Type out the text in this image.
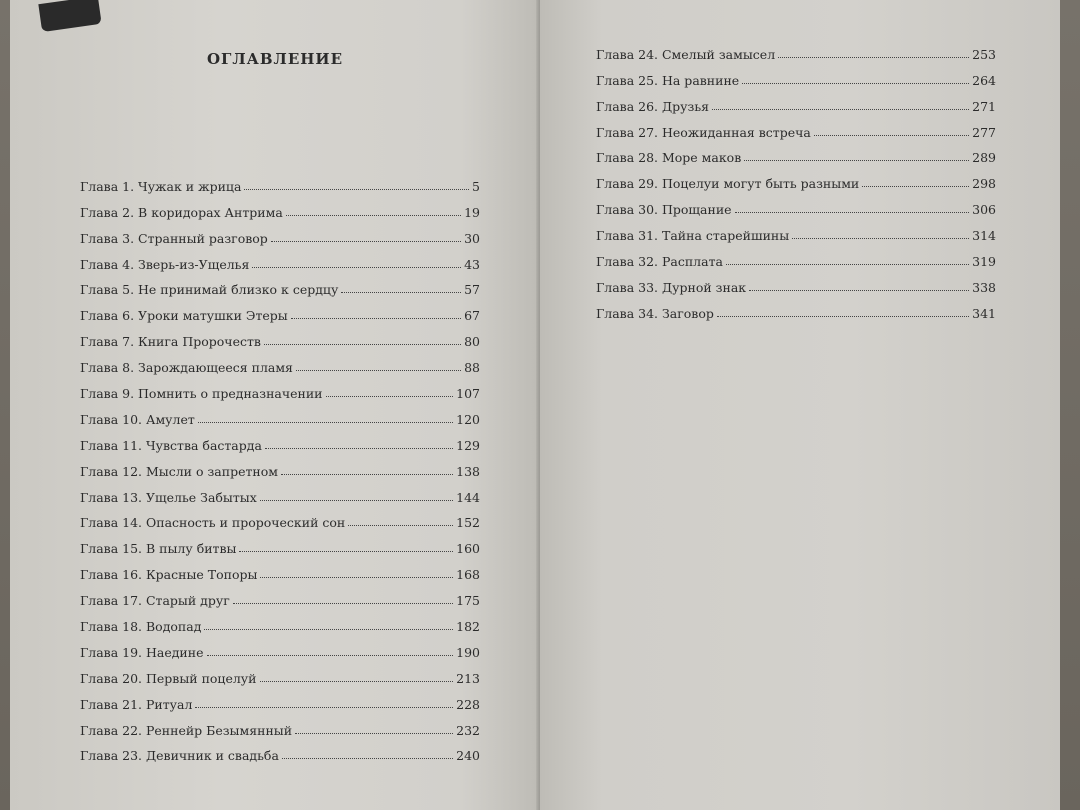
ОГЛАВЛЕНИЕ
Глава 1. Чужак и жрица	5
Глава 2. В коридорах Антрима	19
Глава 3. Странный разговор	30
Глава 4. Зверь-из-Ущелья	43
Глава 5. Не принимай близко к сердцу	57
Глава 6. Уроки матушки Этеры	67
Глава 7. Книга Пророчеств	80
Глава 8. Зарождающееся пламя	88
Глава 9. Помнить о предназначении	107
Глава 10. Амулет	120
Глава 11. Чувства бастарда	129
Глава 12. Мысли о запретном	138
Глава 13. Ущелье Забытых	144
Глава 14. Опасность и пророческий сон	152
Глава 15. В пылу битвы	160
Глава 16. Красные Топоры	168
Глава 17. Старый друг	175
Глава 18. Водопад	182
Глава 19. Наедине	190
Глава 20. Первый поцелуй	213
Глава 21. Ритуал	228
Глава 22. Реннейр Безымянный	232
Глава 23. Девичник и свадьба	240
Глава 24. Смелый замысел	253
Глава 25. На равнине	264
Глава 26. Друзья	271
Глава 27. Неожиданная встреча	277
Глава 28. Море маков	289
Глава 29. Поцелуи могут быть разными	298
Глава 30. Прощание	306
Глава 31. Тайна старейшины	314
Глава 32. Расплата	319
Глава 33. Дурной знак	338
Глава 34. Заговор	341
